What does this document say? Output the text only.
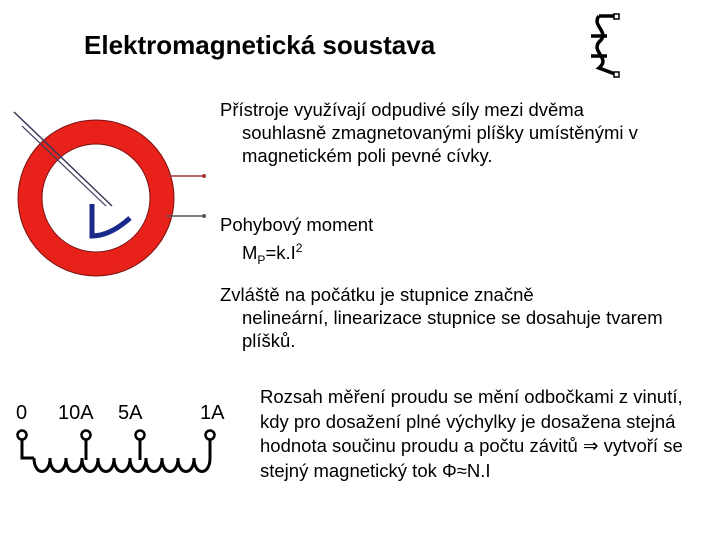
Elektromagnetická soustava

Přístroje využívají odpudivé síly mezi dvěma

souhlasně zmagnetovanými plíšky umístěnými v magnetickém poli pevné cívky.

Pohybový moment

$M_P=k.I^2$

Zvláště na počátku je stupnice značně

nelineární, linearizace stupnice se dosahuje tvarem plíšků.

0 10A 5A	1A

Rozsah měření proudu se mění odbočkami z vinutí, kdy pro dosažení plné výchylky je dosažena stejná hodnota součinu proudu a počtu závitů ⇒ vytvoří se stejný magnetický tok Φ≈N.I
